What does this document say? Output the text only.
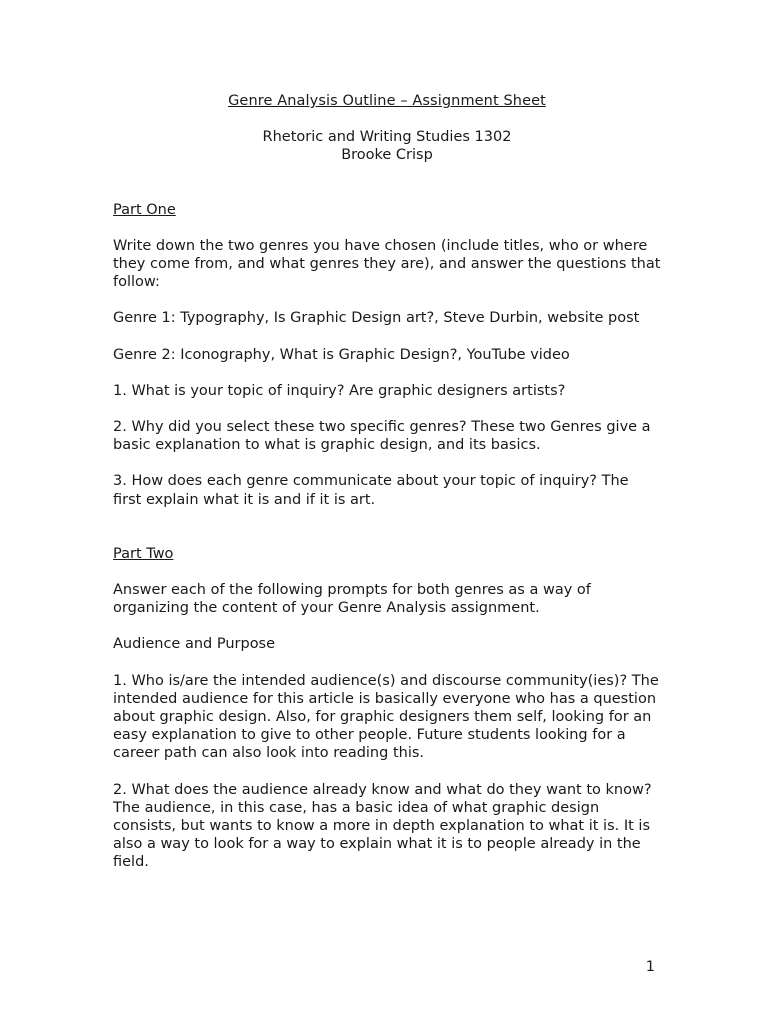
Genre Analysis Outline – Assignment Sheet

Rhetoric and Writing Studies 1302

Brooke Crisp

Part One

Write down the two genres you have chosen (include titles, who or where they come from, and what genres they are), and answer the questions that follow:

Genre 1: Typography, Is Graphic Design art?, Steve Durbin, website post

Genre 2: Iconography, What is Graphic Design?, YouTube video

1. What is your topic of inquiry? Are graphic designers artists?

2. Why did you select these two specific genres? These two Genres give a basic explanation to what is graphic design, and its basics.

3. How does each genre communicate about your topic of inquiry? The first explain what it is and if it is art.

Part Two

Answer each of the following prompts for both genres as a way of organizing the content of your Genre Analysis assignment.

Audience and Purpose

1. Who is/are the intended audience(s) and discourse community(ies)? The intended audience for this article is basically everyone who has a question about graphic design. Also, for graphic designers them self, looking for an easy explanation to give to other people. Future students looking for a career path can also look into reading this.

2. What does the audience already know and what do they want to know? The audience, in this case, has a basic idea of what graphic design consists, but wants to know a more in depth explanation to what it is. It is also a way to look for a way to explain what it is to people already in the field.

1
